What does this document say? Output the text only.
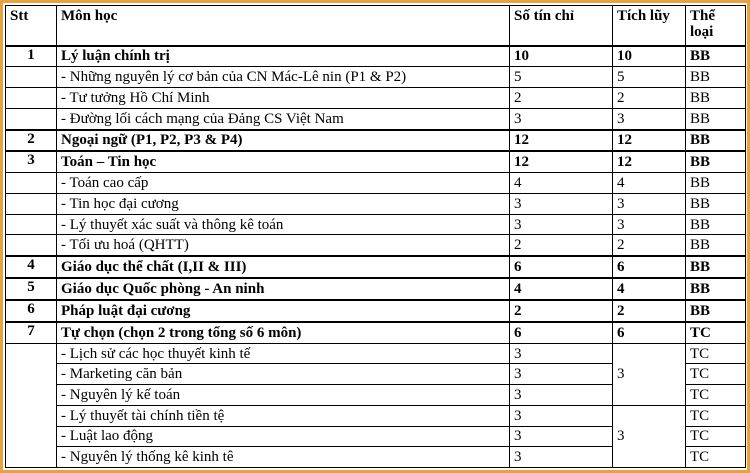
Stt	Môn học	Số tín chỉ	Tích lũy	Thể loại
1	Lý luận chính trị	10	10	BB
	- Những nguyên lý cơ bản của CN Mác-Lê nin (P1 & P2)	5	5	BB
	- Tư tưởng Hồ Chí Minh	2	2	BB
	- Đường lối cách mạng của Đảng CS Việt Nam	3	3	BB
2	Ngoại ngữ (P1, P2, P3 & P4)	12	12	BB
3	Toán – Tin học	12	12	BB
	- Toán cao cấp	4	4	BB
	- Tin học đại cương	3	3	BB
	- Lý thuyết xác suất và thông kê toán	3	3	BB
	- Tối ưu hoá (QHTT)	2	2	BB
4	Giáo dục thể chất (I,II & III)	6	6	BB
5	Giáo dục Quốc phòng - An ninh	4	4	BB
6	Pháp luật đại cương	2	2	BB
7	Tự chọn (chọn 2 trong tổng số 6 môn)	6	6	TC
	- Lịch sử các học thuyết kinh tế	3	3	TC
	- Marketing căn bản	3		TC
	- Nguyên lý kế toán	3		TC
	- Lý thuyết tài chính tiền tệ	3	3	TC
	- Luật lao động	3		TC
	- Nguyên lý thống kê kinh tê	3		TC
